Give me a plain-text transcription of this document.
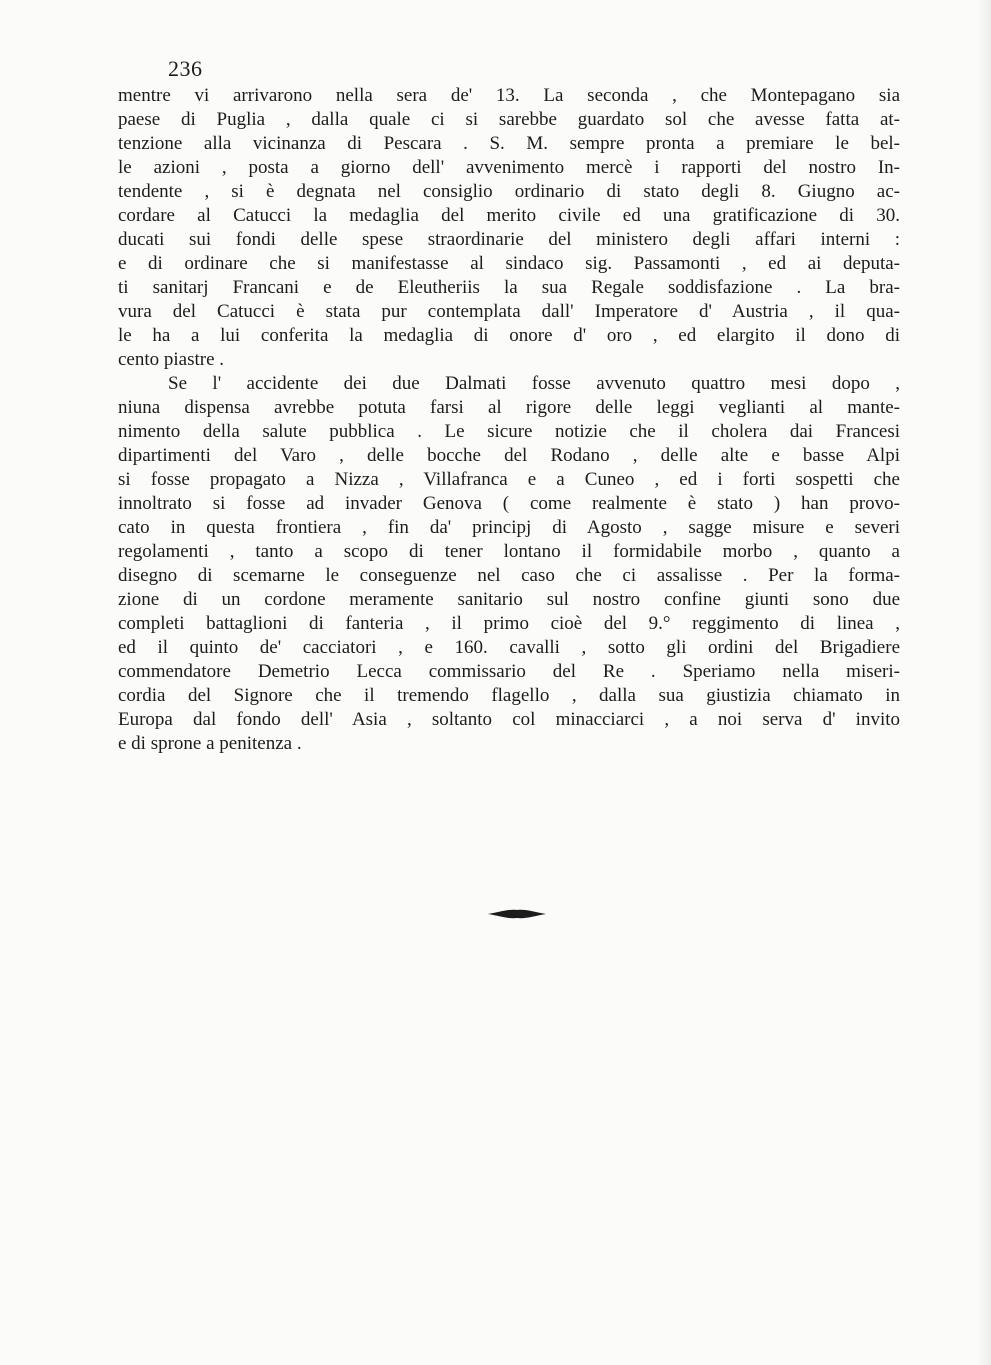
236
mentre vi arrivarono nella sera de' 13. La seconda , che Montepagano sia
paese di Puglia , dalla quale ci si sarebbe guardato sol che avesse fatta at-
tenzione alla vicinanza di Pescara . S. M. sempre pronta a premiare le bel-
le azioni , posta a giorno dell' avvenimento mercè i rapporti del nostro In-
tendente , si è degnata nel consiglio ordinario di stato degli 8. Giugno ac-
cordare al Catucci la medaglia del merito civile ed una gratificazione di 30.
ducati sui fondi delle spese straordinarie del ministero degli affari interni :
e di ordinare che si manifestasse al sindaco sig. Passamonti , ed ai deputa-
ti sanitarj Francani e de Eleutheriis la sua Regale soddisfazione . La bra-
vura del Catucci è stata pur contemplata dall' Imperatore d' Austria , il qua-
le ha a lui conferita la medaglia di onore d' oro , ed elargito il dono di
cento piastre .
Se l' accidente dei due Dalmati fosse avvenuto quattro mesi dopo ,
niuna dispensa avrebbe potuta farsi al rigore delle leggi veglianti al mante-
nimento della salute pubblica . Le sicure notizie che il cholera dai Francesi
dipartimenti del Varo , delle bocche del Rodano , delle alte e basse Alpi
si fosse propagato a Nizza , Villafranca e a Cuneo , ed i forti sospetti che
innoltrato si fosse ad invader Genova ( come realmente è stato ) han provo-
cato in questa frontiera , fin da' principj di Agosto , sagge misure e severi
regolamenti , tanto a scopo di tener lontano il formidabile morbo , quanto a
disegno di scemarne le conseguenze nel caso che ci assalisse . Per la forma-
zione di un cordone meramente sanitario sul nostro confine giunti sono due
completi battaglioni di fanteria , il primo cioè del 9.° reggimento di linea ,
ed il quinto de' cacciatori , e 160. cavalli , sotto gli ordini del Brigadiere
commendatore Demetrio Lecca commissario del Re . Speriamo nella miseri-
cordia del Signore che il tremendo flagello , dalla sua giustizia chiamato in
Europa dal fondo dell' Asia , soltanto col minacciarci , a noi serva d' invito
e di sprone a penitenza .
